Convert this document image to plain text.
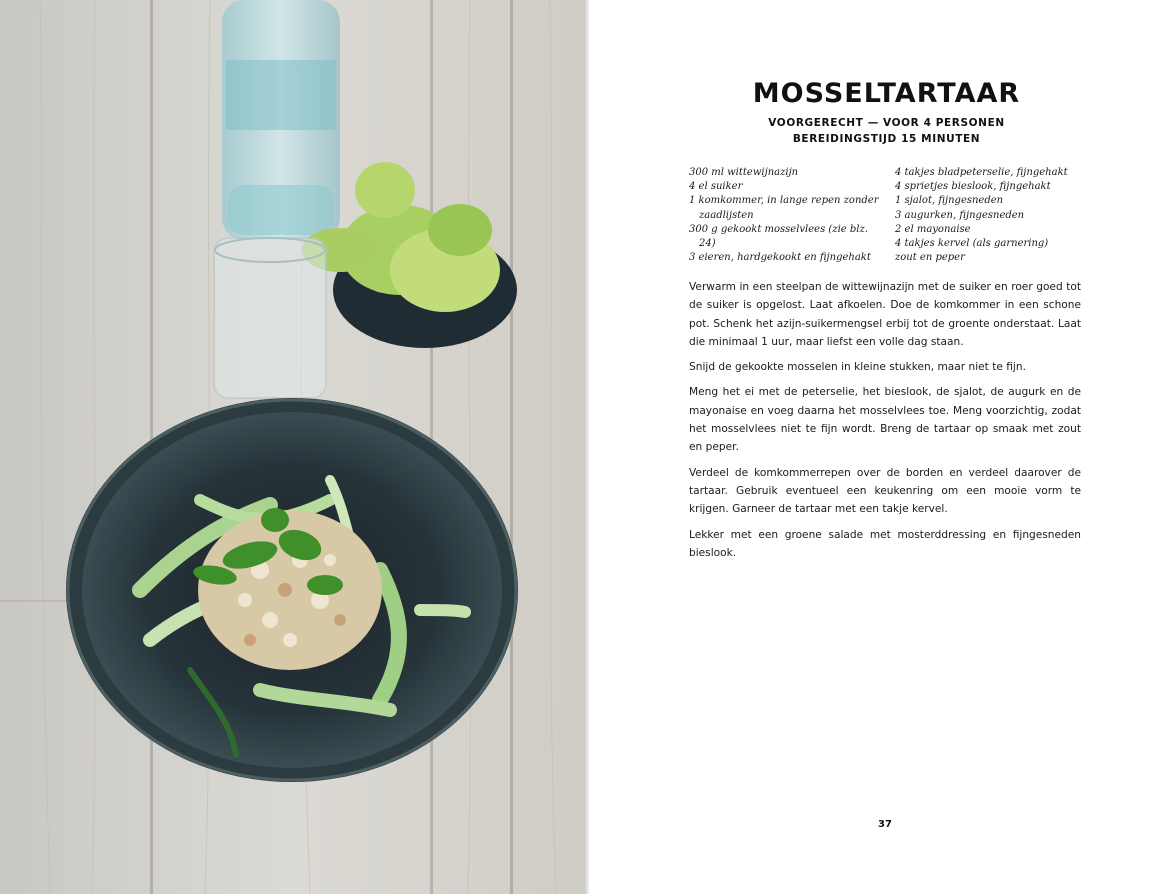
MOSSELTARTAAR
VOORGERECHT — VOOR 4 PERSONEN
BEREIDINGSTIJD 15 MINUTEN
300 ml wittewijnazijn
4 el suiker
1 komkommer, in lange repen zonder zaadlijsten
300 g gekookt mosselvlees (zie blz. 24)
3 eieren, hardgekookt en fijngehakt
4 takjes bladpeterselie, fijngehakt
4 sprietjes bieslook, fijngehakt
1 sjalot, fijngesneden
3 augurken, fijngesneden
2 el mayonaise
4 takjes kervel (als garnering)
zout en peper

Verwarm in een steelpan de wittewijnazijn met de suiker en roer goed tot de suiker is opgelost. Laat afkoelen. Doe de komkommer in een schone pot. Schenk het azijn-suikermengsel erbij tot de groente onderstaat. Laat die minimaal 1 uur, maar liefst een volle dag staan.

Snijd de gekookte mosselen in kleine stukken, maar niet te fijn.

Meng het ei met de peterselie, het bieslook, de sjalot, de augurk en de mayonaise en voeg daarna het mosselvlees toe. Meng voorzichtig, zodat het mosselvlees niet te fijn wordt. Breng de tartaar op smaak met zout en peper.

Verdeel de komkommerrepen over de borden en verdeel daarover de tartaar. Gebruik eventueel een keukenring om een mooie vorm te krijgen. Garneer de tartaar met een takje kervel.

Lekker met een groene salade met mosterddressing en fijngesneden bieslook.

37
